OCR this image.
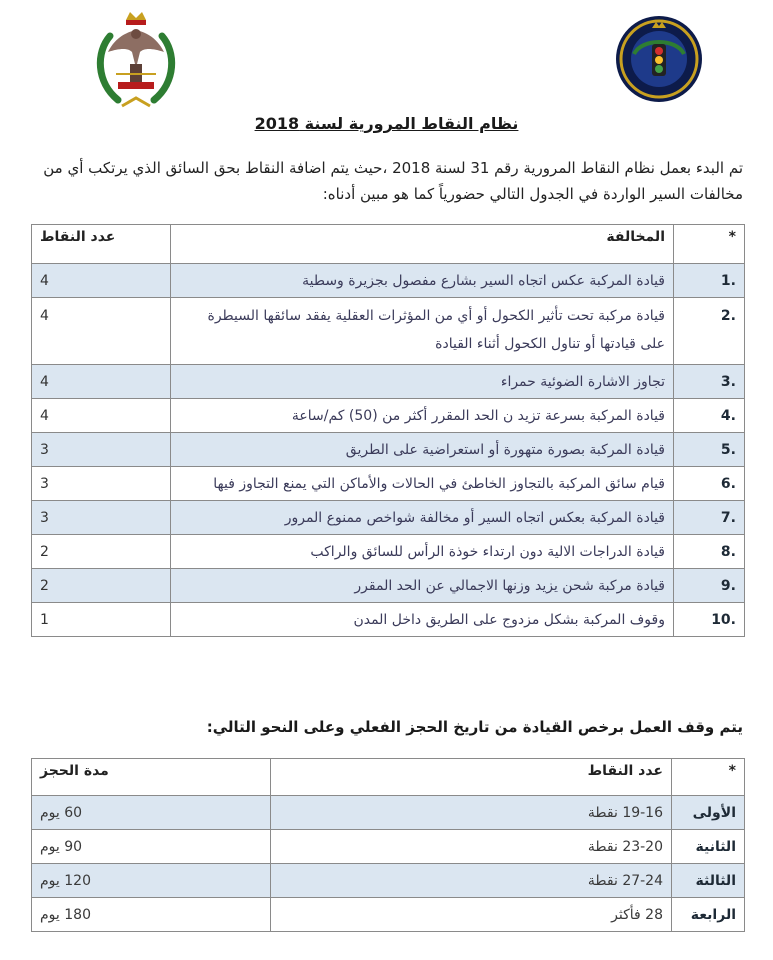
نظام النقاط المرورية لسنة 2018
تم البدء بعمل نظام النقاط المرورية رقم 31 لسنة 2018 ،حيث يتم اضافة النقاط بحق السائق الذي يرتكب أي من
مخالفات السير الواردة في الجدول التالي حضورياً كما هو مبين أدناه:
*	المخالفة	عدد النقاط
.1	قيادة المركبة عكس اتجاه السير بشارع مفصول بجزيرة وسطية	4
.2	قيادة مركبة تحت تأثير الكحول أو أي من المؤثرات العقلية يفقد سائقها السيطرة على قيادتها أو تناول الكحول أثناء القيادة	4
.3	تجاوز الاشارة الضوئية حمراء	4
.4	قيادة المركبة بسرعة تزيد ن الحد المقرر أكثر من (50) كم/ساعة	4
.5	قيادة المركبة بصورة متهورة أو استعراضية على الطريق	3
.6	قيام سائق المركبة بالتجاوز الخاطئ في الحالات والأماكن التي يمنع التجاوز فيها	3
.7	قيادة المركبة بعكس اتجاه السير أو مخالفة شواخص ممنوع المرور	3
.8	قيادة الدراجات الالية دون ارتداء خوذة الرأس للسائق والراكب	2
.9	قيادة مركبة شحن يزيد وزنها الاجمالي عن الحد المقرر	2
.10	وقوف المركبة بشكل مزدوج على الطريق داخل المدن	1
يتم وقف العمل برخص القيادة من تاريخ الحجز الفعلي وعلى النحو التالي:
*	عدد النقاط	مدة الحجز
الأولى	19-16 نقطة	60 يوم
الثانية	23-20 نقطة	90 يوم
الثالثة	27-24 نقطة	120 يوم
الرابعة	28 فأكثر	180 يوم
